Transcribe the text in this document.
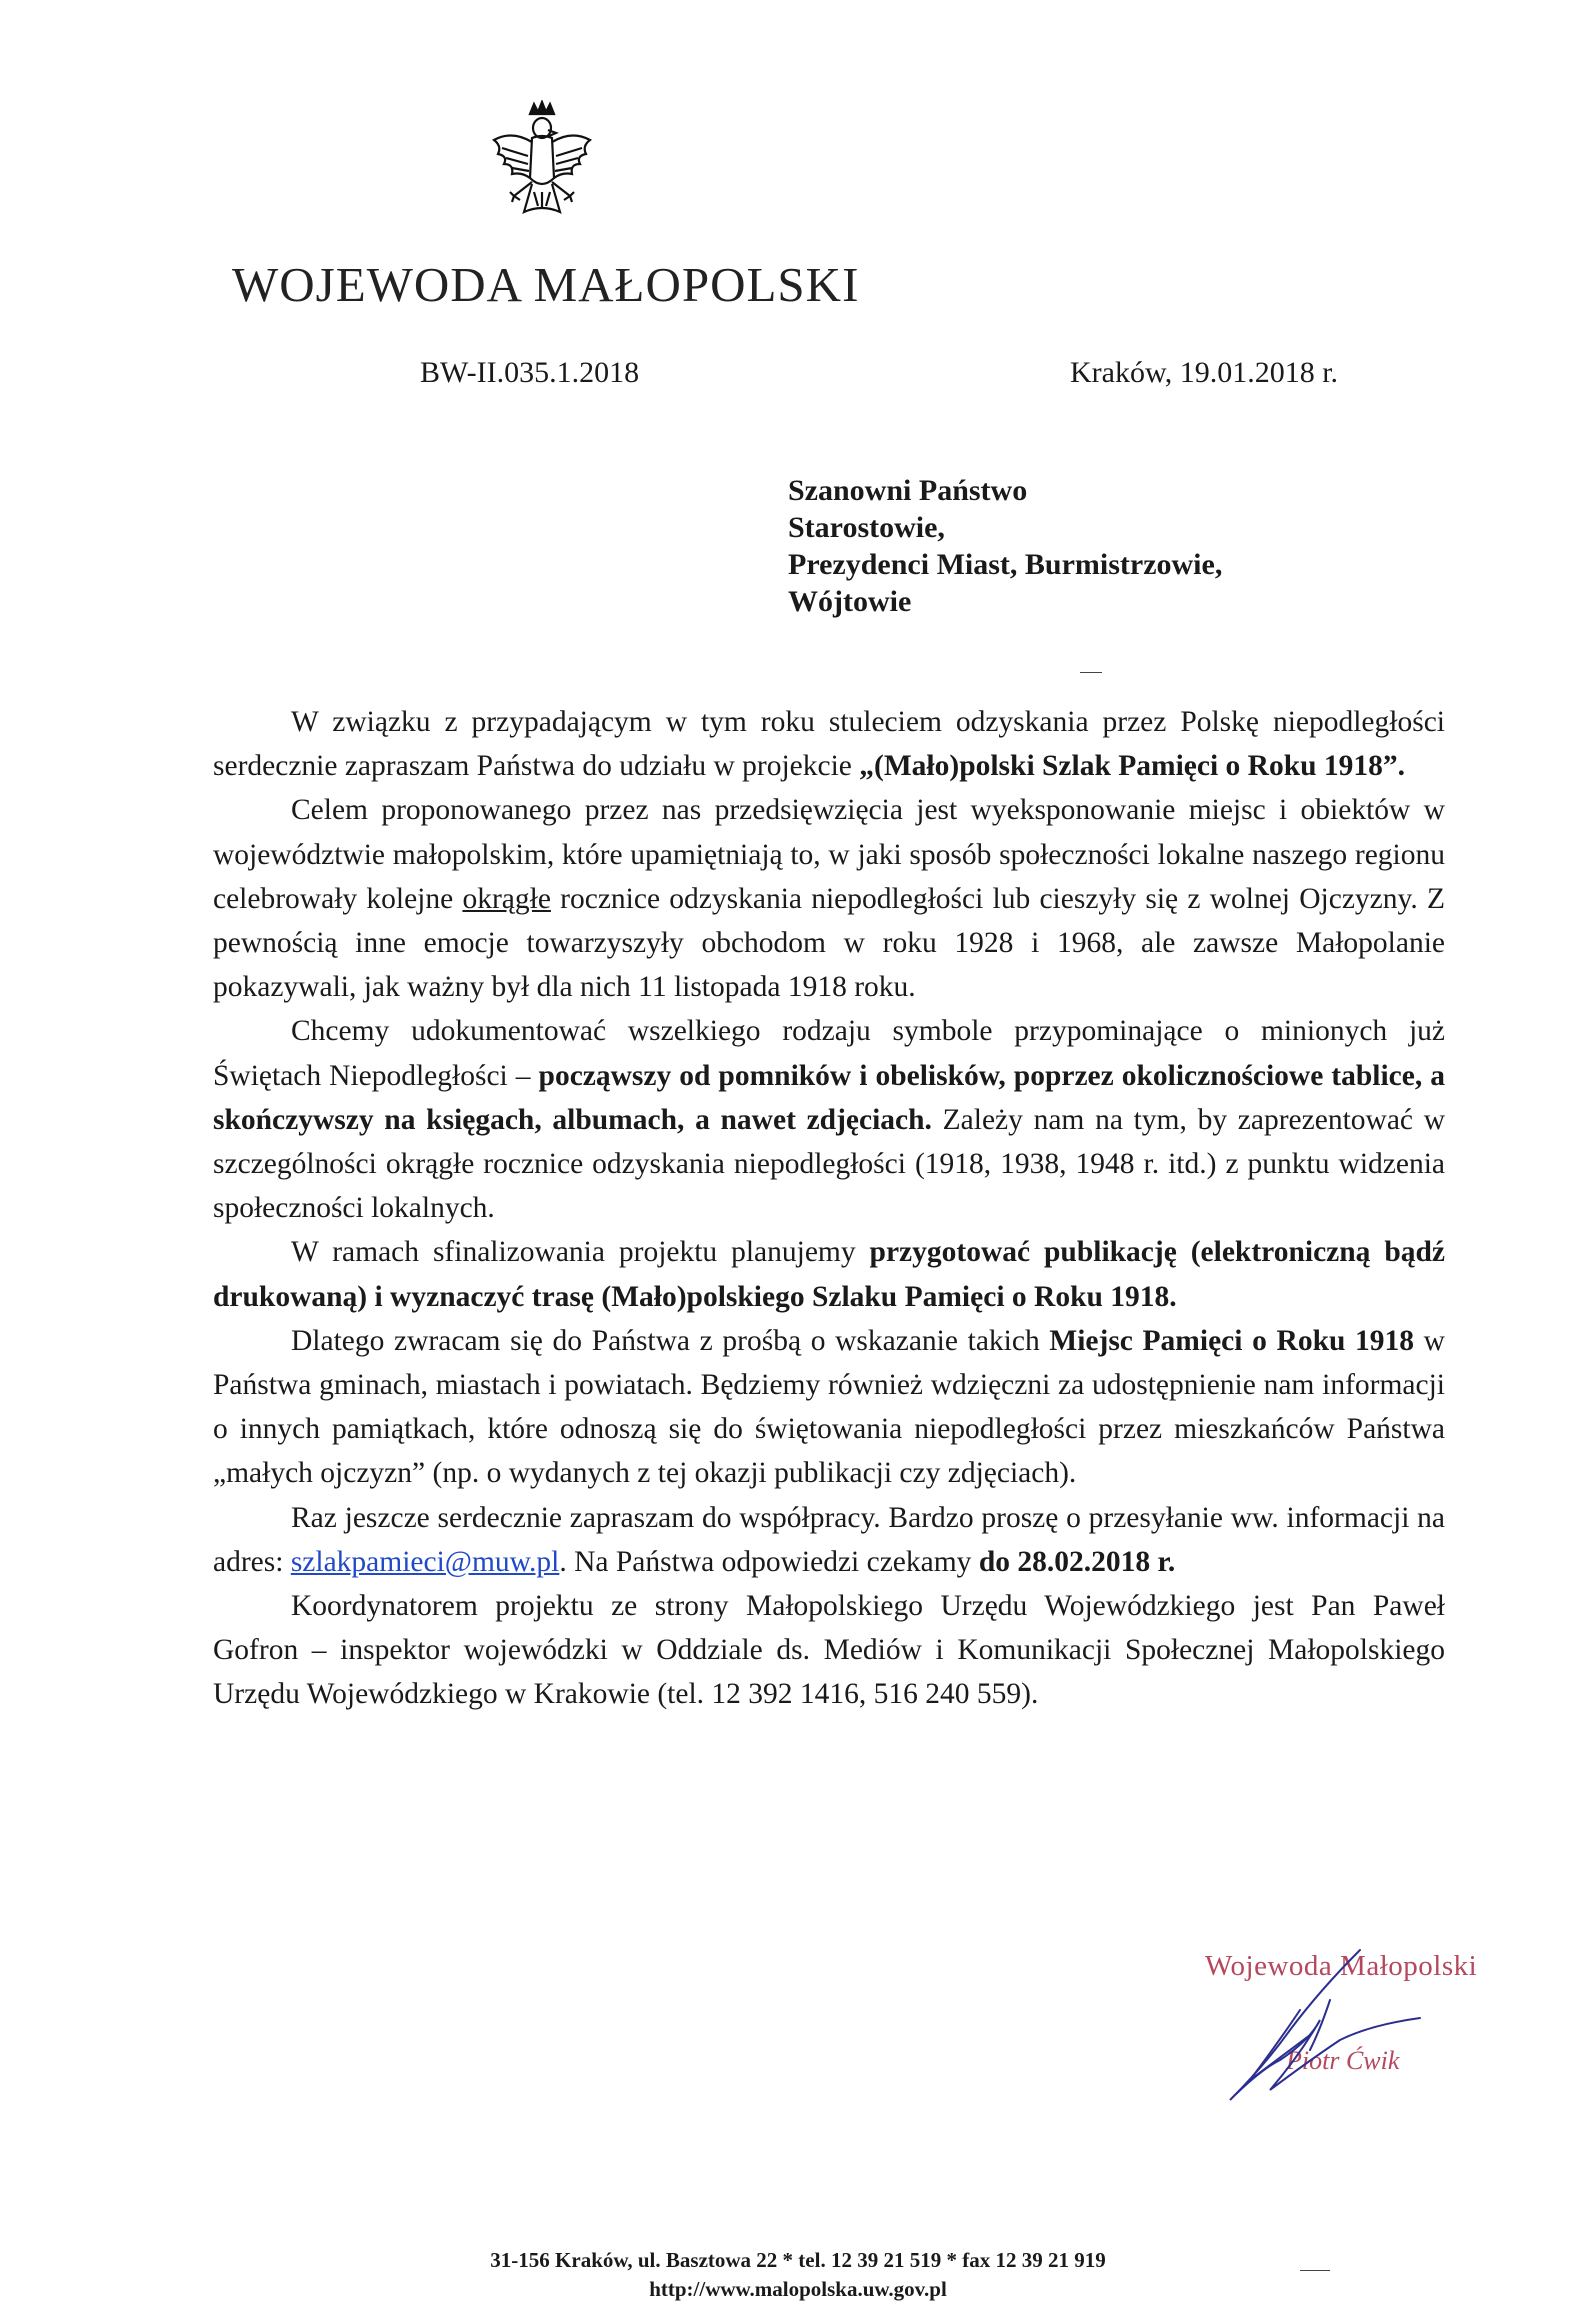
WOJEWODA MAŁOPOLSKI
BW-II.035.1.2018	Kraków, 19.01.2018 r.
Szanowni Państwo
Starostowie,
Prezydenci Miast, Burmistrzowie,
Wójtowie

W związku z przypadającym w tym roku stuleciem odzyskania przez Polskę niepodległości serdecznie zapraszam Państwa do udziału w projekcie „(Mało)polski Szlak Pamięci o Roku 1918”.

Celem proponowanego przez nas przedsięwzięcia jest wyeksponowanie miejsc i obiektów w województwie małopolskim, które upamiętniają to, w jaki sposób społeczności lokalne naszego regionu celebrowały kolejne okrągłe rocznice odzyskania niepodległości lub cieszyły się z wolnej Ojczyzny. Z pewnością inne emocje towarzyszyły obchodom w roku 1928 i 1968, ale zawsze Małopolanie pokazywali, jak ważny był dla nich 11 listopada 1918 roku.

Chcemy udokumentować wszelkiego rodzaju symbole przypominające o minionych już Świętach Niepodległości – począwszy od pomników i obelisków, poprzez okolicznościowe tablice, a skończywszy na księgach, albumach, a nawet zdjęciach. Zależy nam na tym, by zaprezentować w szczególności okrągłe rocznice odzyskania niepodległości (1918, 1938, 1948 r. itd.) z punktu widzenia społeczności lokalnych.

W ramach sfinalizowania projektu planujemy przygotować publikację (elektroniczną bądź drukowaną) i wyznaczyć trasę (Mało)polskiego Szlaku Pamięci o Roku 1918.

Dlatego zwracam się do Państwa z prośbą o wskazanie takich Miejsc Pamięci o Roku 1918 w Państwa gminach, miastach i powiatach. Będziemy również wdzięczni za udostępnienie nam informacji o innych pamiątkach, które odnoszą się do świętowania niepodległości przez mieszkańców Państwa „małych ojczyzn” (np. o wydanych z tej okazji publikacji czy zdjęciach).

Raz jeszcze serdecznie zapraszam do współpracy. Bardzo proszę o przesyłanie ww. informacji na adres: szlakpamieci@muw.pl. Na Państwa odpowiedzi czekamy do 28.02.2018 r.

Koordynatorem projektu ze strony Małopolskiego Urzędu Wojewódzkiego jest Pan Paweł Gofron – inspektor wojewódzki w Oddziale ds. Mediów i Komunikacji Społecznej Małopolskiego Urzędu Wojewódzkiego w Krakowie (tel. 12 392 1416, 516 240 559).

Wojewoda Małopolski
Piotr Ćwik
31-156 Kraków, ul. Basztowa 22 * tel. 12 39 21 519 * fax 12 39 21 919
http://www.malopolska.uw.gov.pl
